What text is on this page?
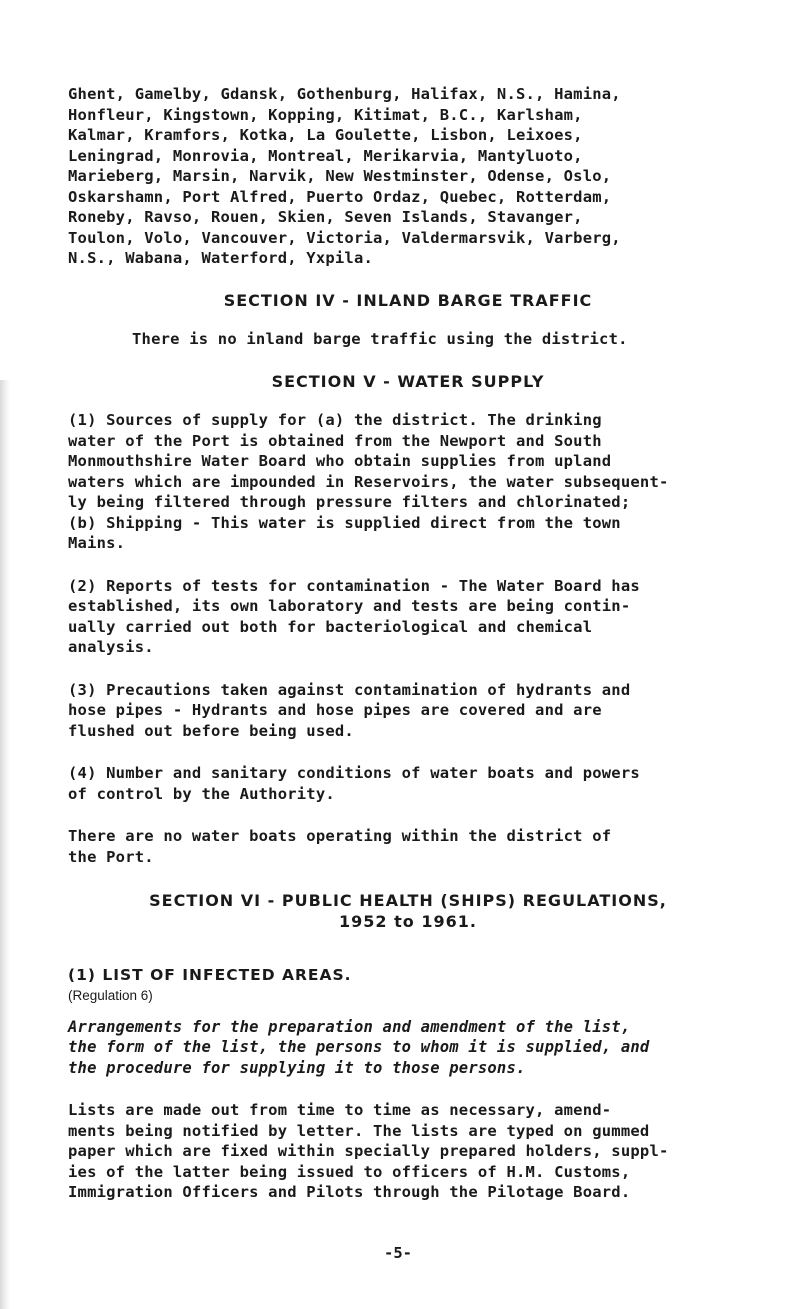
Ghent, Gamelby, Gdansk, Gothenburg, Halifax, N.S., Hamina,
Honfleur, Kingstown, Kopping, Kitimat, B.C., Karlsham,
Kalmar, Kramfors, Kotka, La Goulette, Lisbon, Leixoes,
Leningrad, Monrovia, Montreal, Merikarvia, Mantyluoto,
Marieberg, Marsin, Narvik, New Westminster, Odense, Oslo,
Oskarshamn, Port Alfred, Puerto Ordaz, Quebec, Rotterdam,
Roneby, Ravso, Rouen, Skien, Seven Islands, Stavanger,
Toulon, Volo, Vancouver, Victoria, Valdermarsvik, Varberg,
N.S., Wabana, Waterford, Yxpila.

SECTION IV - INLAND BARGE TRAFFIC

There is no inland barge traffic using the district.

SECTION V - WATER SUPPLY

(1) Sources of supply for (a) the district. The drinking
water of the Port is obtained from the Newport and South
Monmouthshire Water Board who obtain supplies from upland
waters which are impounded in Reservoirs, the water subsequent-
ly being filtered through pressure filters and chlorinated;
(b) Shipping - This water is supplied direct from the town
Mains.

(2) Reports of tests for contamination - The Water Board has
established, its own laboratory and tests are being contin-
ually carried out both for bacteriological and chemical
analysis.

(3) Precautions taken against contamination of hydrants and
hose pipes - Hydrants and hose pipes are covered and are
flushed out before being used.

(4) Number and sanitary conditions of water boats and powers
of control by the Authority.

There are no water boats operating within the district of
the Port.

SECTION VI - PUBLIC HEALTH (SHIPS) REGULATIONS,

1952 to 1961.

(1) LIST OF INFECTED AREAS.
(Regulation 6)

Arrangements for the preparation and amendment of the list,
the form of the list, the persons to whom it is supplied, and
the procedure for supplying it to those persons.

Lists are made out from time to time as necessary, amend-
ments being notified by letter. The lists are typed on gummed
paper which are fixed within specially prepared holders, suppl-
ies of the latter being issued to officers of H.M. Customs,
Immigration Officers and Pilots through the Pilotage Board.

-5-
